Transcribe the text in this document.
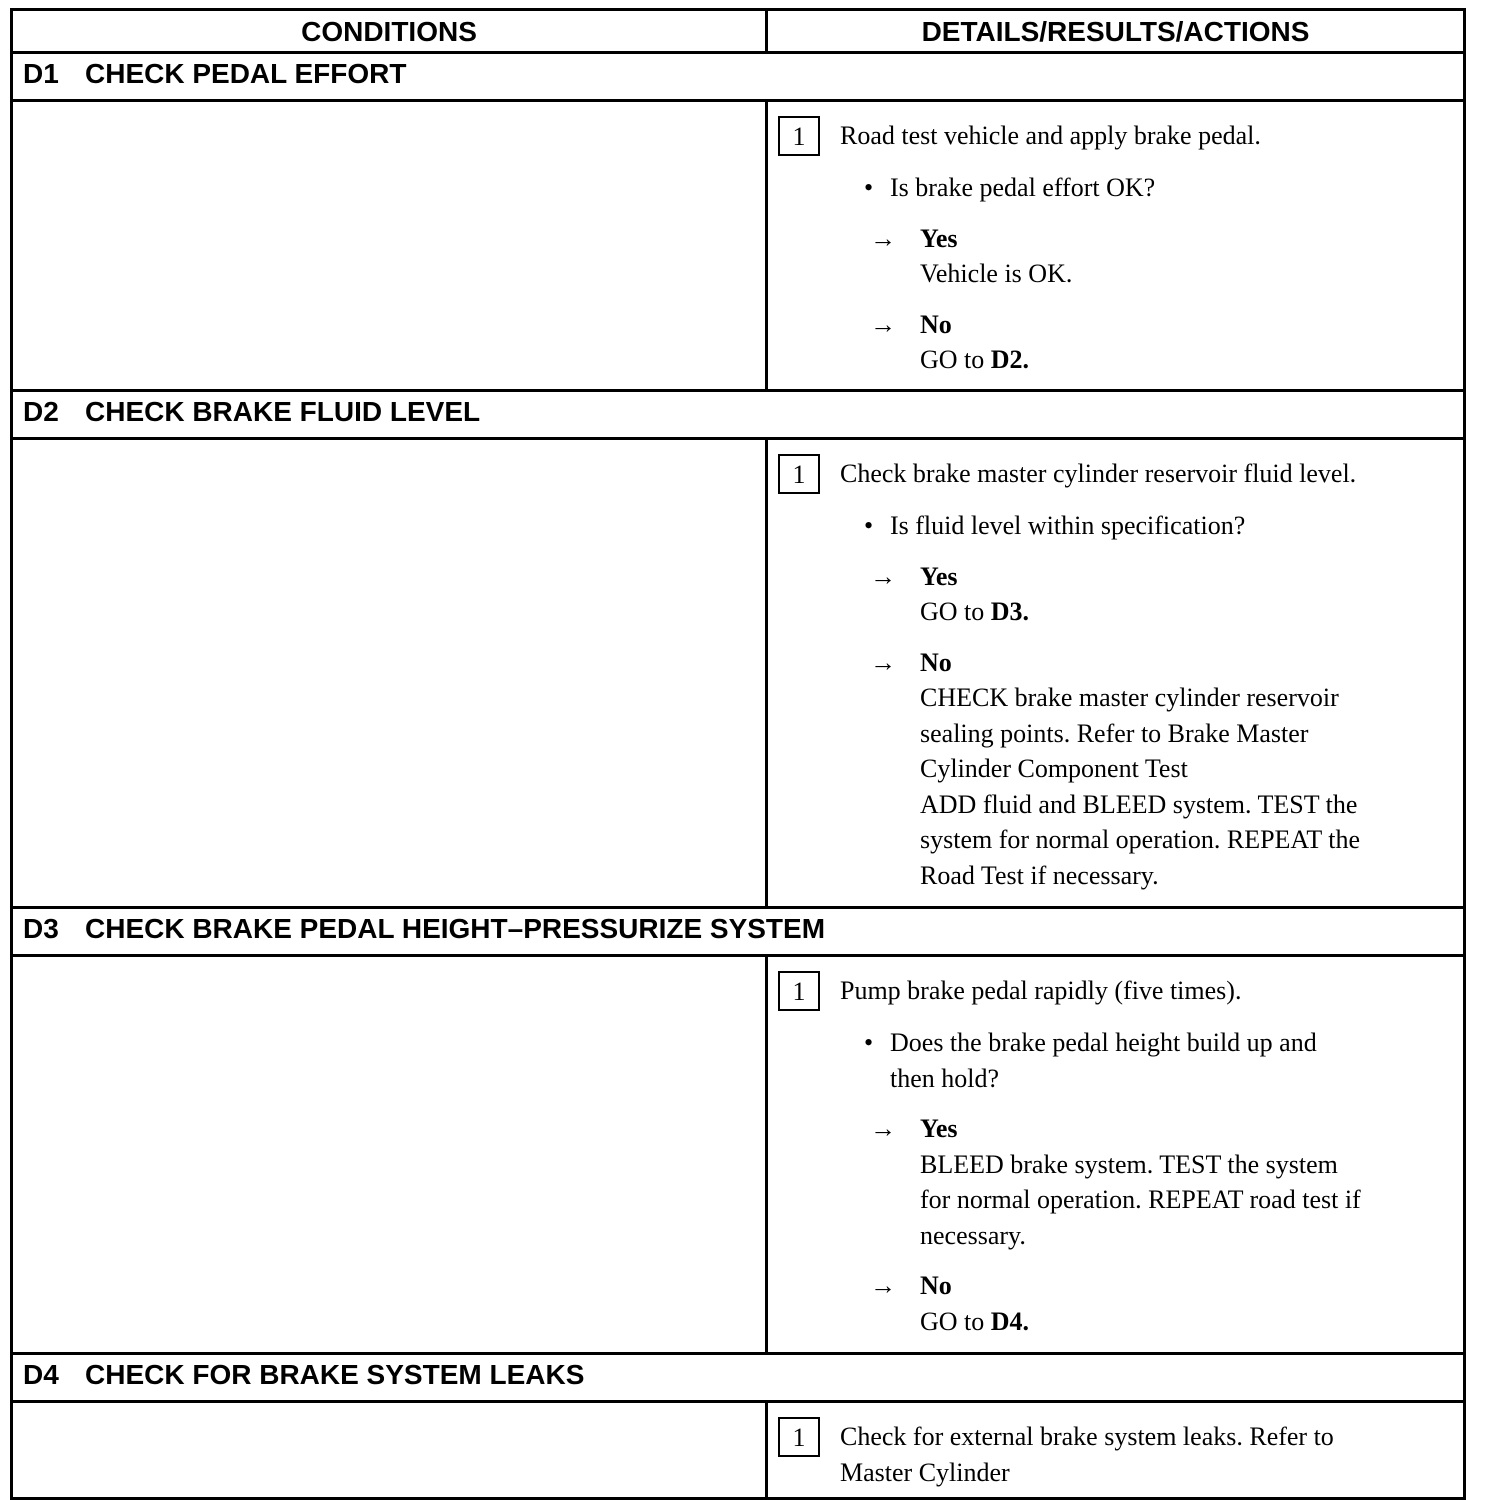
CONDITIONS	DETAILS/RESULTS/ACTIONS
D1 CHECK PEDAL EFFORT
1	Road test vehicle and apply brake pedal.
• Is brake pedal effort OK?
→ Yes
Vehicle is OK.
→ No
GO to D2.
D2 CHECK BRAKE FLUID LEVEL
1	Check brake master cylinder reservoir fluid level.
• Is fluid level within specification?
→ Yes
GO to D3.
→ No
CHECK brake master cylinder reservoir
sealing points. Refer to Brake Master
Cylinder Component Test
ADD fluid and BLEED system. TEST the
system for normal operation. REPEAT the
Road Test if necessary.
D3 CHECK BRAKE PEDAL HEIGHT–PRESSURIZE SYSTEM
1	Pump brake pedal rapidly (five times).
• Does the brake pedal height build up and
then hold?
→ Yes
BLEED brake system. TEST the system
for normal operation. REPEAT road test if
necessary.
→ No
GO to D4.
D4 CHECK FOR BRAKE SYSTEM LEAKS
1	Check for external brake system leaks. Refer to
Master Cylinder
